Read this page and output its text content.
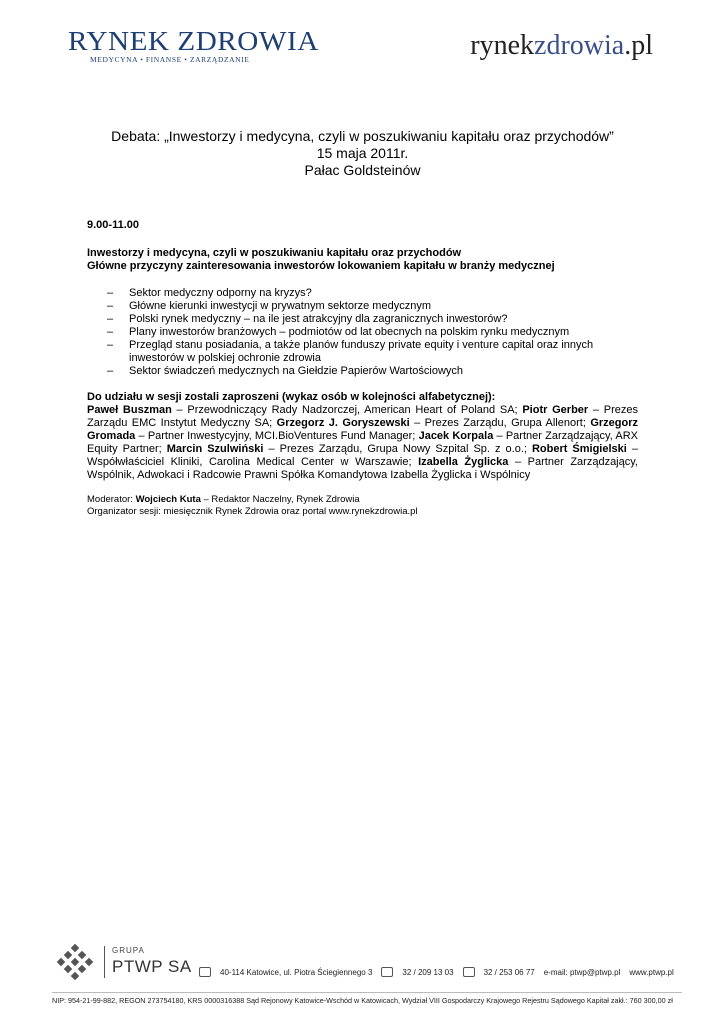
RYNEK ZDROWIA
MEDYCYNA • FINANSE • ZARZĄDZANIE	rynekzdrowia.pl
Debata: „Inwestorzy i medycyna, czyli w poszukiwaniu kapitału oraz przychodów”
15 maja 2011r.
Pałac Goldsteinów

9.00-11.00

Inwestorzy i medycyna, czyli w poszukiwaniu kapitału oraz przychodów
Główne przyczyny zainteresowania inwestorów lokowaniem kapitału w branży medycznej
– Sektor medyczny odporny na kryzys?
– Główne kierunki inwestycji w prywatnym sektorze medycznym
– Polski rynek medyczny – na ile jest atrakcyjny dla zagranicznych inwestorów?
– Plany inwestorów branżowych – podmiotów od lat obecnych na polskim rynku medycznym
– Przegląd stanu posiadania, a także planów funduszy private equity i venture capital oraz innych inwestorów w polskiej ochronie zdrowia
– Sektor świadczeń medycznych na Giełdzie Papierów Wartościowych

Do udziału w sesji zostali zaproszeni (wykaz osób w kolejności alfabetycznej):
Paweł Buszman – Przewodniczący Rady Nadzorczej, American Heart of Poland SA; Piotr Gerber – Prezes Zarządu EMC Instytut Medyczny SA; Grzegorz J. Goryszewski – Prezes Zarządu, Grupa Allenort; Grzegorz Gromada – Partner Inwestycyjny, MCI.BioVentures Fund Manager; Jacek Korpala – Partner Zarządzający, ARX Equity Partner; Marcin Szulwiński – Prezes Zarządu, Grupa Nowy Szpital Sp. z o.o.; Robert Śmigielski – Współwłaściciel Kliniki, Carolina Medical Center w Warszawie; Izabella Żyglicka – Partner Zarządzający, Wspólnik, Adwokaci i Radcowie Prawni Spółka Komandytowa Izabella Żyglicka i Wspólnicy

Moderator: Wojciech Kuta – Redaktor Naczelny, Rynek Zdrowia
Organizator sesji: miesięcznik Rynek Zdrowia oraz portal www.rynekzdrowia.pl
GRUPA
PTWP SA	40-114 Katowice, ul. Piotra Ściegiennego 3	32 / 209 13 03	32 / 253 06 77 e-mail: ptwp@ptwp.pl www.ptwp.pl
NIP: 954-21-99-882, REGON 273754180, KRS 0000316388 Sąd Rejonowy Katowice-Wschód w Katowicach, Wydział VIII Gospodarczy Krajowego Rejestru Sądowego Kapitał zakł.: 760 300,00 zł
